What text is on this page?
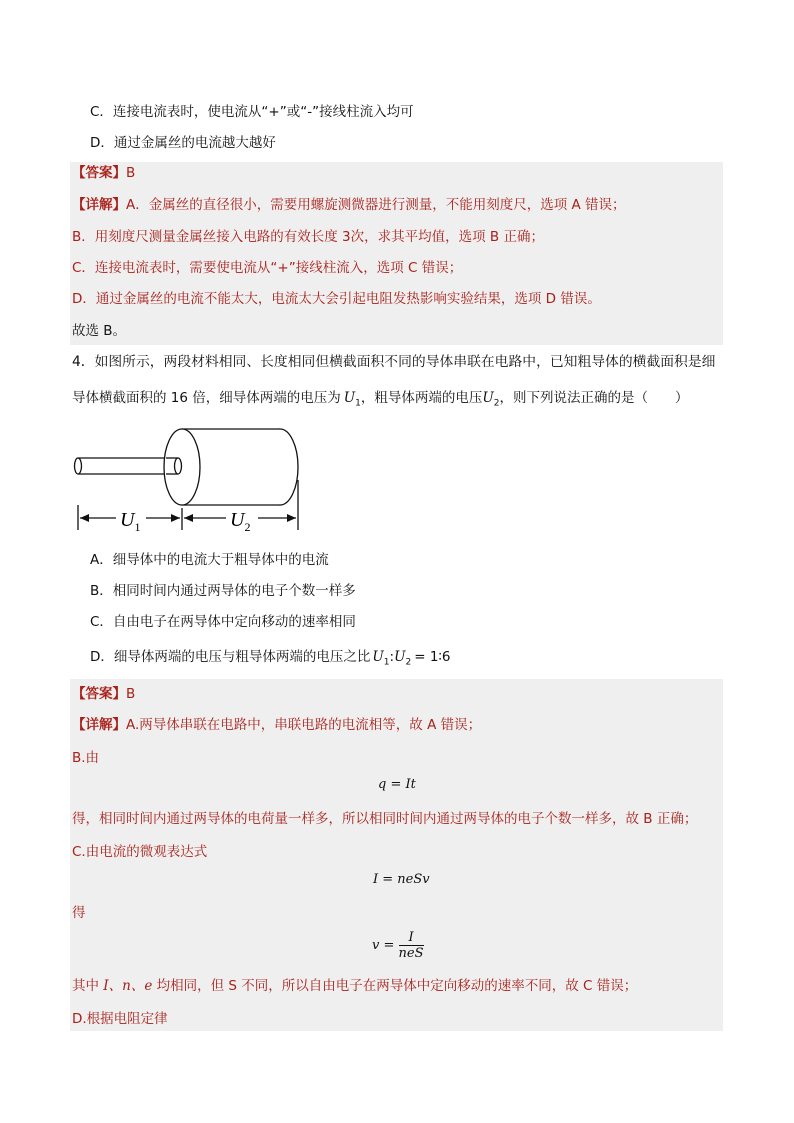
C．连接电流表时，使电流从“+”或“-”接线柱流入均可
D．通过金属丝的电流越大越好
【答案】B
【详解】A．金属丝的直径很小，需要用螺旋测微器进行测量，不能用刻度尺，选项 A 错误；
B．用刻度尺测量金属丝接入电路的有效长度 3次，求其平均值，选项 B 正确；
C．连接电流表时，需要使电流从“+”接线柱流入，选项 C 错误；
D．通过金属丝的电流不能太大，电流太大会引起电阻发热影响实验结果，选项 D 错误。
故选 B。
4．如图所示，两段材料相同、长度相同但横截面积不同的导体串联在电路中，已知粗导体的横截面积是细
导体横截面积的 16 倍，细导体两端的电压为 $U_1$，粗导体两端的电压$U_2$，则下列说法正确的是（　　）
$U_1$	$U_2$
A．细导体中的电流大于粗导体中的电流
B．相同时间内通过两导体的电子个数一样多
C．自由电子在两导体中定向移动的速率相同
D．细导体两端的电压与粗导体两端的电压之比 $U_1:U_2$ = 1∶6
【答案】B
【详解】A.两导体串联在电路中，串联电路的电流相等，故 A 错误；
B.由
q = It
得，相同时间内通过两导体的电荷量一样多，所以相同时间内通过两导体的电子个数一样多，故 B 正确；
C.由电流的微观表达式
I = neSv
得
$v = \frac{I}{\text{neS}}$
其中 I、n、e 均相同，但 S 不同，所以自由电子在两导体中定向移动的速率不同，故 C 错误；
D.根据电阻定律
